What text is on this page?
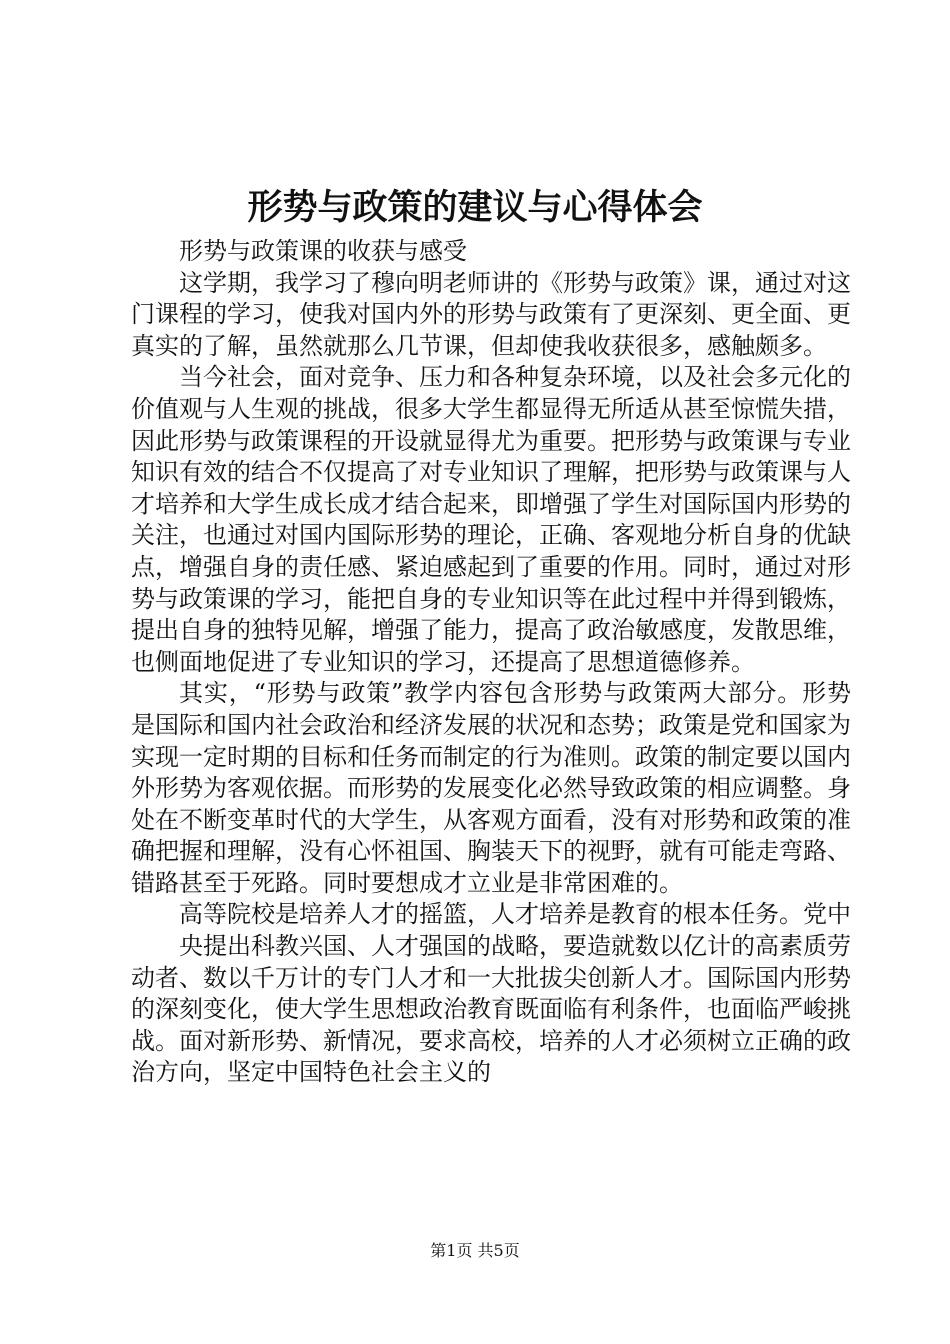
形势与政策的建议与心得体会

形势与政策课的收获与感受

这学期，我学习了穆向明老师讲的《形势与政策》课，通过对这门课程的学习，使我对国内外的形势与政策有了更深刻、更全面、更真实的了解，虽然就那么几节课，但却使我收获很多，感触颇多。

当今社会，面对竞争、压力和各种复杂环境，以及社会多元化的价值观与人生观的挑战，很多大学生都显得无所适从甚至惊慌失措，因此形势与政策课程的开设就显得尤为重要。把形势与政策课与专业知识有效的结合不仅提高了对专业知识了理解，把形势与政策课与人才培养和大学生成长成才结合起来，即增强了学生对国际国内形势的关注，也通过对国内国际形势的理论，正确、客观地分析自身的优缺点，增强自身的责任感、紧迫感起到了重要的作用。同时，通过对形势与政策课的学习，能把自身的专业知识等在此过程中并得到锻炼，提出自身的独特见解，增强了能力，提高了政治敏感度，发散思维，也侧面地促进了专业知识的学习，还提高了思想道德修养。

其实，“形势与政策”教学内容包含形势与政策两大部分。形势是国际和国内社会政治和经济发展的状况和态势；政策是党和国家为实现一定时期的目标和任务而制定的行为准则。政策的制定要以国内外形势为客观依据。而形势的发展变化必然导致政策的相应调整。身处在不断变革时代的大学生，从客观方面看，没有对形势和政策的准确把握和理解，没有心怀祖国、胸装天下的视野，就有可能走弯路、错路甚至于死路。同时要想成才立业是非常困难的。

高等院校是培养人才的摇篮，人才培养是教育的根本任务。党中

央提出科教兴国、人才强国的战略，要造就数以亿计的高素质劳动者、数以千万计的专门人才和一大批拔尖创新人才。国际国内形势的深刻变化，使大学生思想政治教育既面临有利条件，也面临严峻挑战。面对新形势、新情况，要求高校，培养的人才必须树立正确的政治方向，坚定中国特色社会主义的

第1页 共5页
